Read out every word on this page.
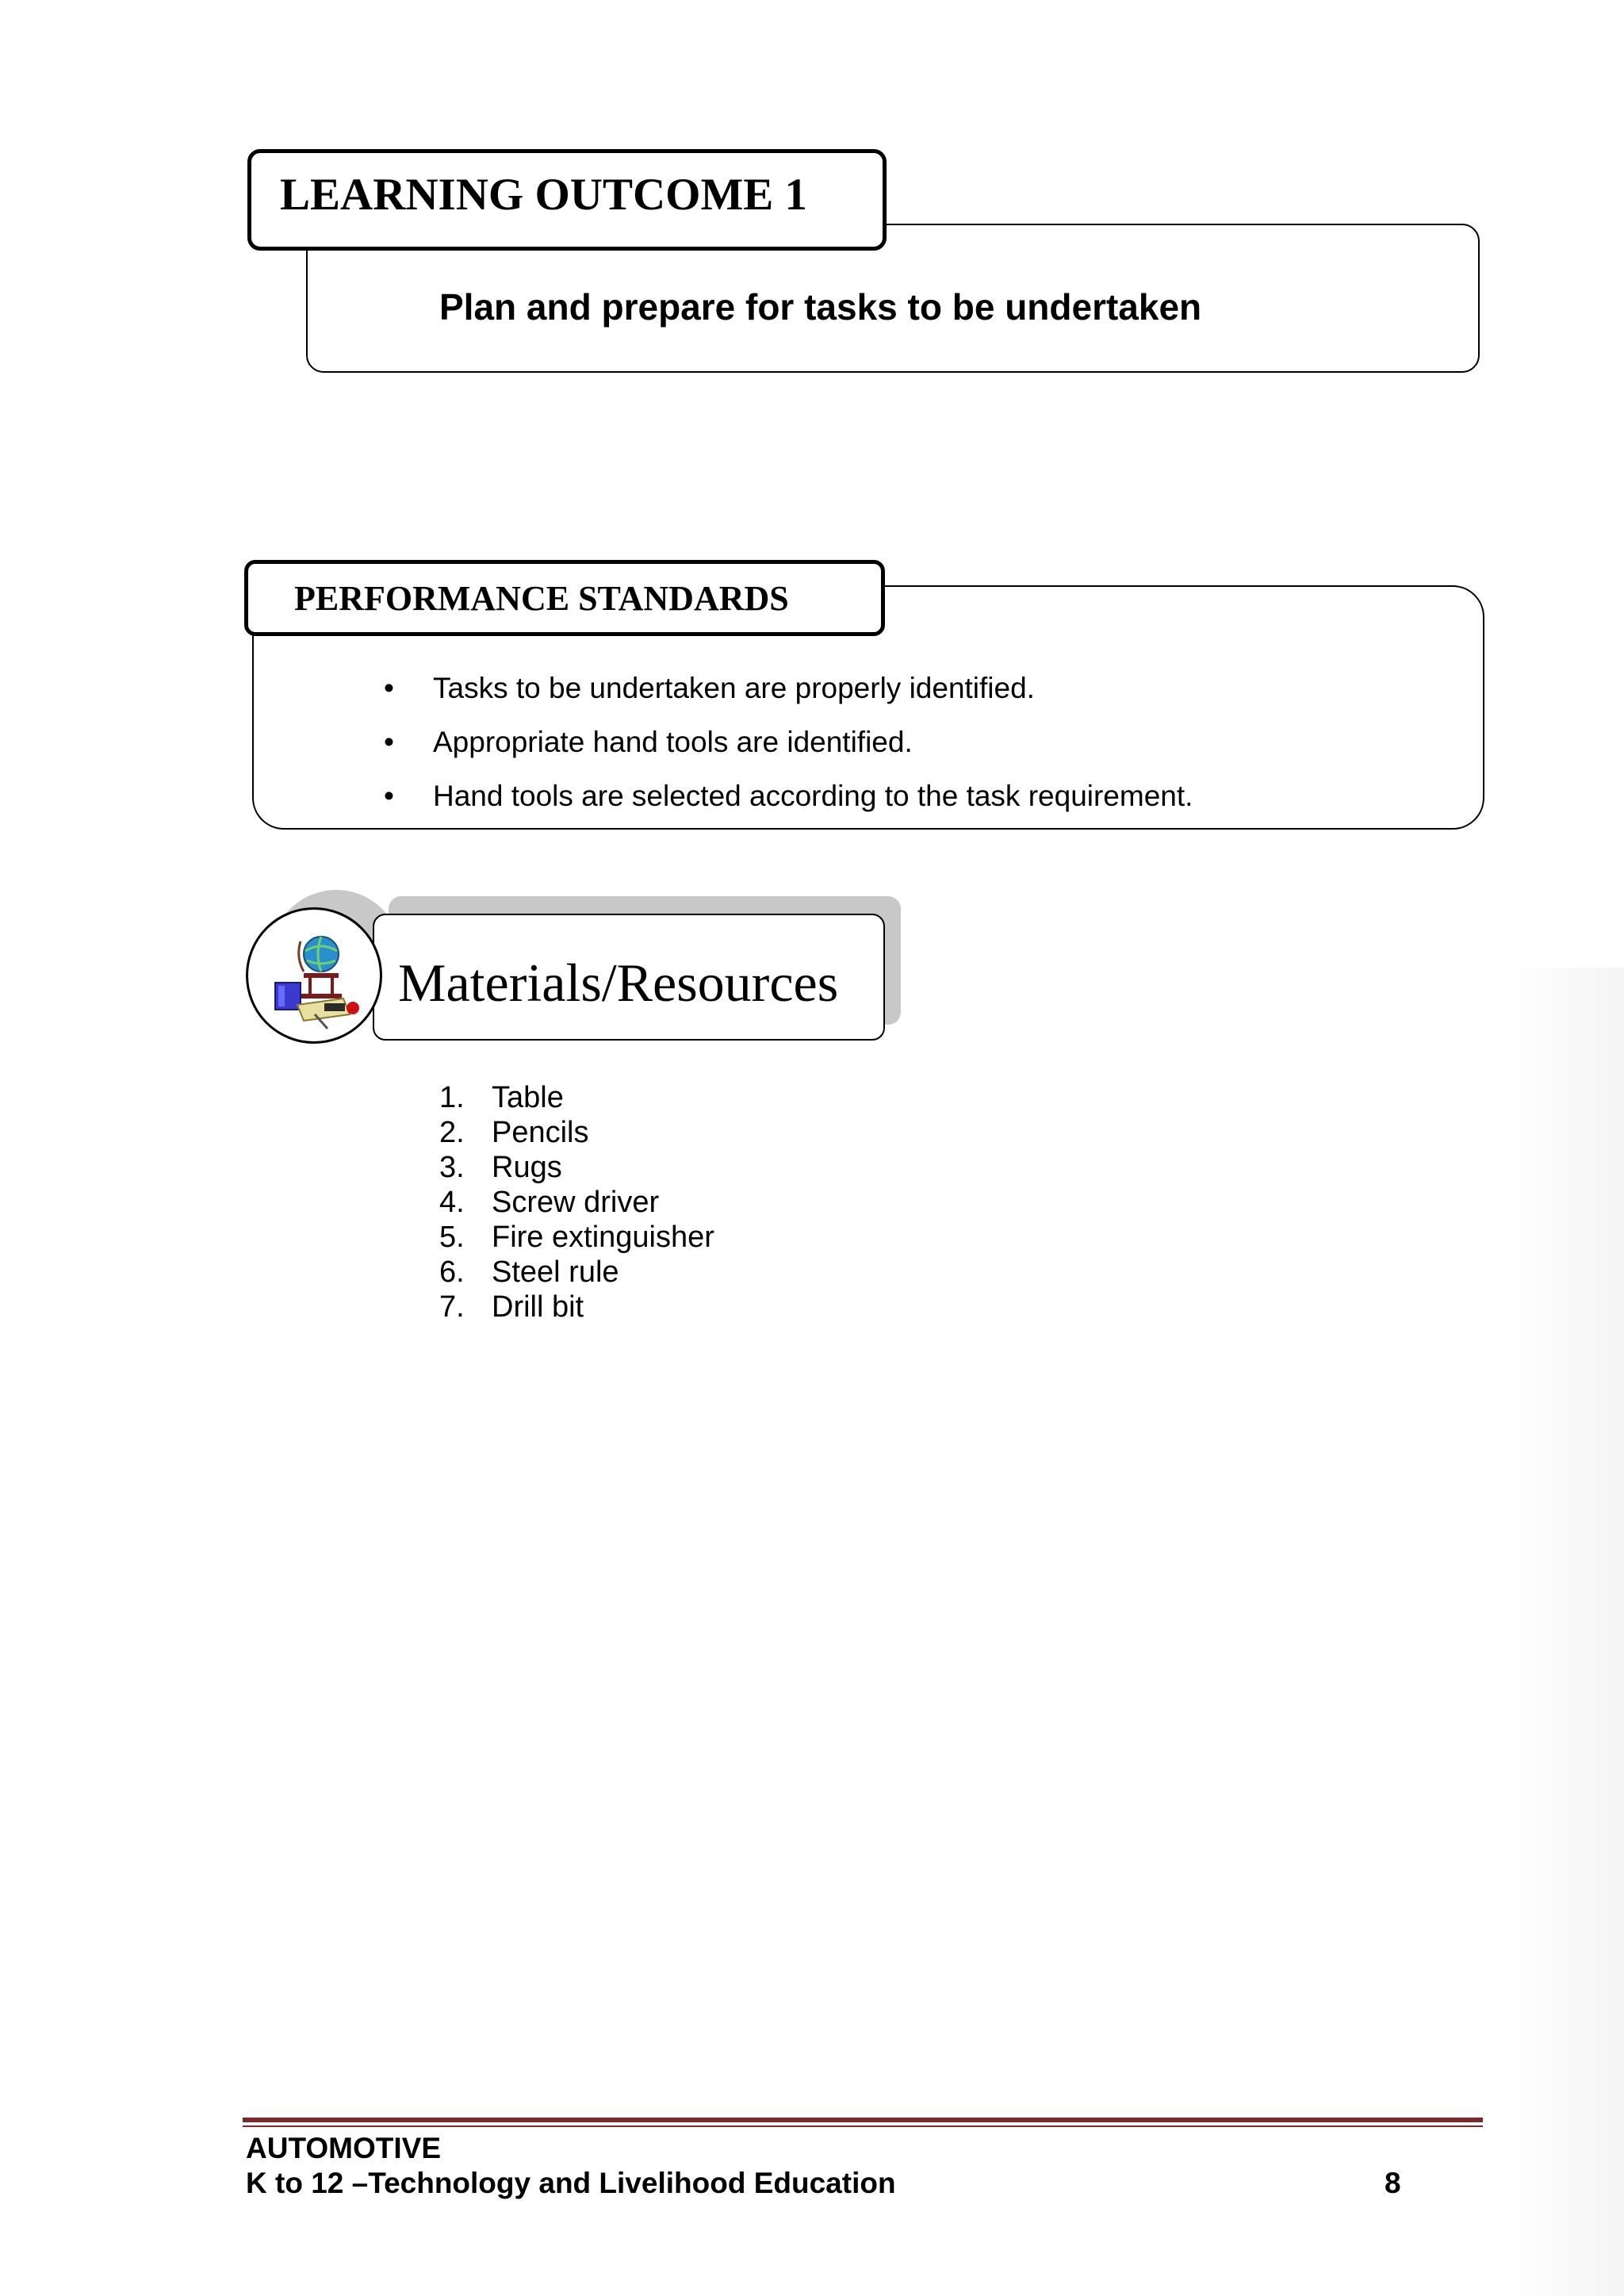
LEARNING OUTCOME 1
Plan and prepare for tasks to be undertaken
PERFORMANCE STANDARDS
• Tasks to be undertaken are properly identified.
• Appropriate hand tools are identified.
• Hand tools are selected according to the task requirement.
Materials/Resources
1. Table
2. Pencils
3. Rugs
4. Screw driver
5. Fire extinguisher
6. Steel rule
7. Drill bit
AUTOMOTIVE
K to 12 –Technology and Livelihood Education	8
